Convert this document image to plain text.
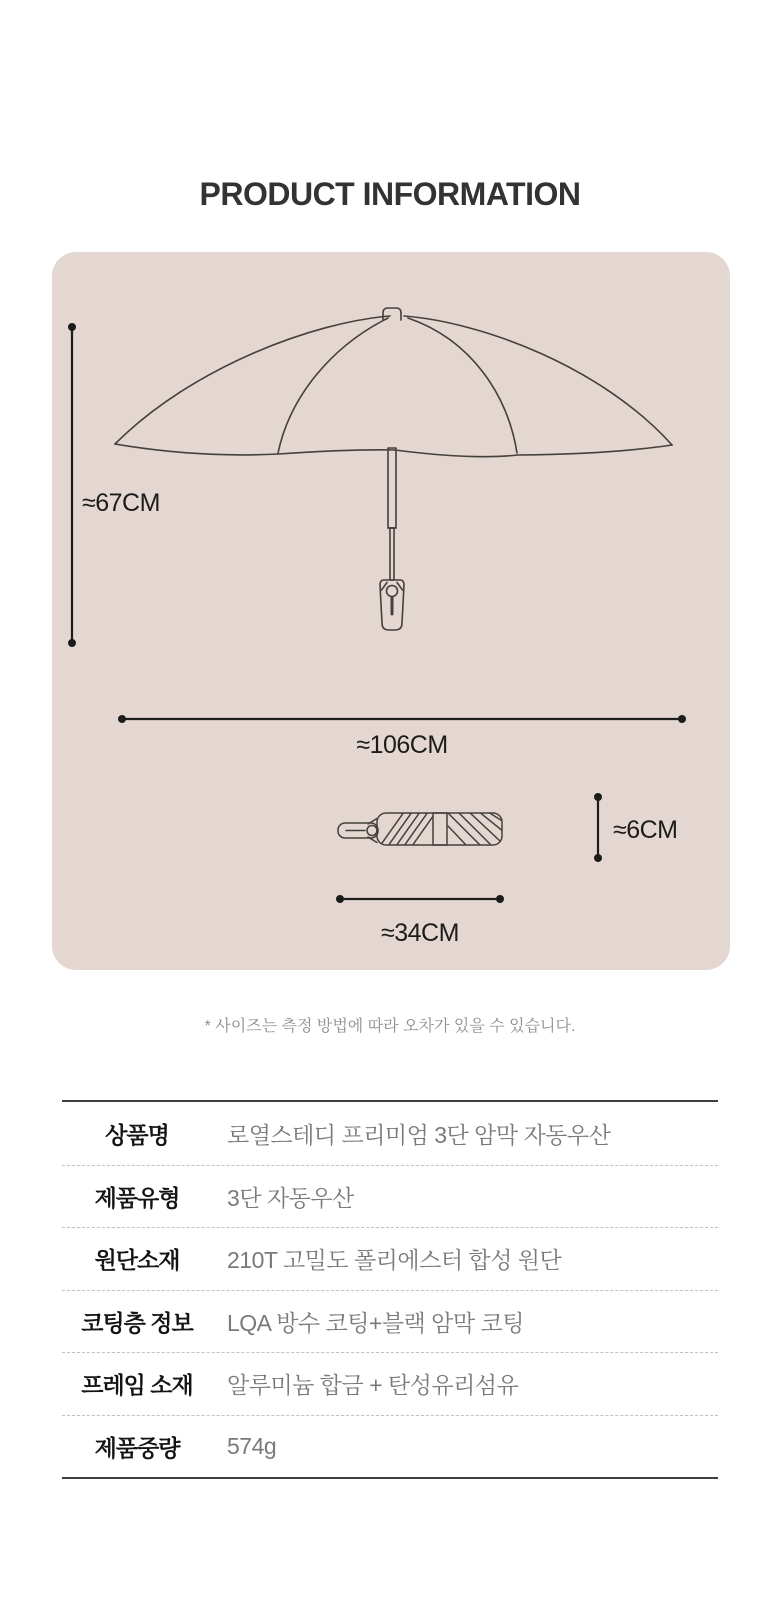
PRODUCT INFORMATION
≈67CM
≈106CM
≈6CM
≈34CM
* 사이즈는 측정 방법에 따라 오차가 있을 수 있습니다.
상품명	로열스테디 프리미엄 3단 암막 자동우산
제품유형	3단 자동우산
원단소재	210T 고밀도 폴리에스터 합성 원단
코팅층 정보	LQA 방수 코팅+블랙 암막 코팅
프레임 소재	알루미늄 합금 + 탄성유리섬유
제품중량	574g
